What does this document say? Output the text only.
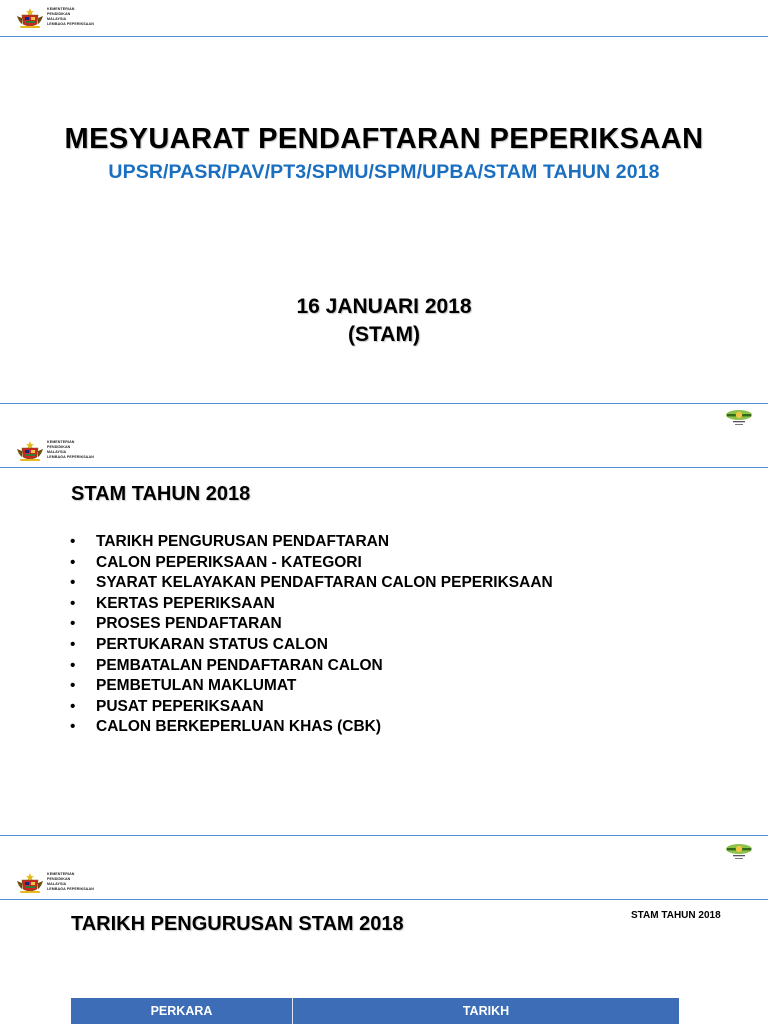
KEMENTERIAN
PENDIDIKAN
MALAYSIA
LEMBAGA PEPERIKSAAN
MESYUARAT PENDAFTARAN PEPERIKSAAN
UPSR/PASR/PAV/PT3/SPMU/SPM/UPBA/STAM TAHUN 2018
16 JANUARI 2018
(STAM)
KEMENTERIAN
PENDIDIKAN
MALAYSIA
LEMBAGA PEPERIKSAAN
STAM TAHUN 2018
•	TARIKH PENGURUSAN PENDAFTARAN
•	CALON PEPERIKSAAN - KATEGORI
•	SYARAT KELAYAKAN PENDAFTARAN CALON PEPERIKSAAN
•	KERTAS PEPERIKSAAN
•	PROSES PENDAFTARAN
•	PERTUKARAN STATUS CALON
•	PEMBATALAN PENDAFTARAN CALON
•	PEMBETULAN MAKLUMAT
•	PUSAT PEPERIKSAAN
•	CALON BERKEPERLUAN KHAS (CBK)
KEMENTERIAN
PENDIDIKAN
MALAYSIA
LEMBAGA PEPERIKSAAN
TARIKH PENGURUSAN STAM 2018	STAM TAHUN 2018
PERKARA	TARIKH
